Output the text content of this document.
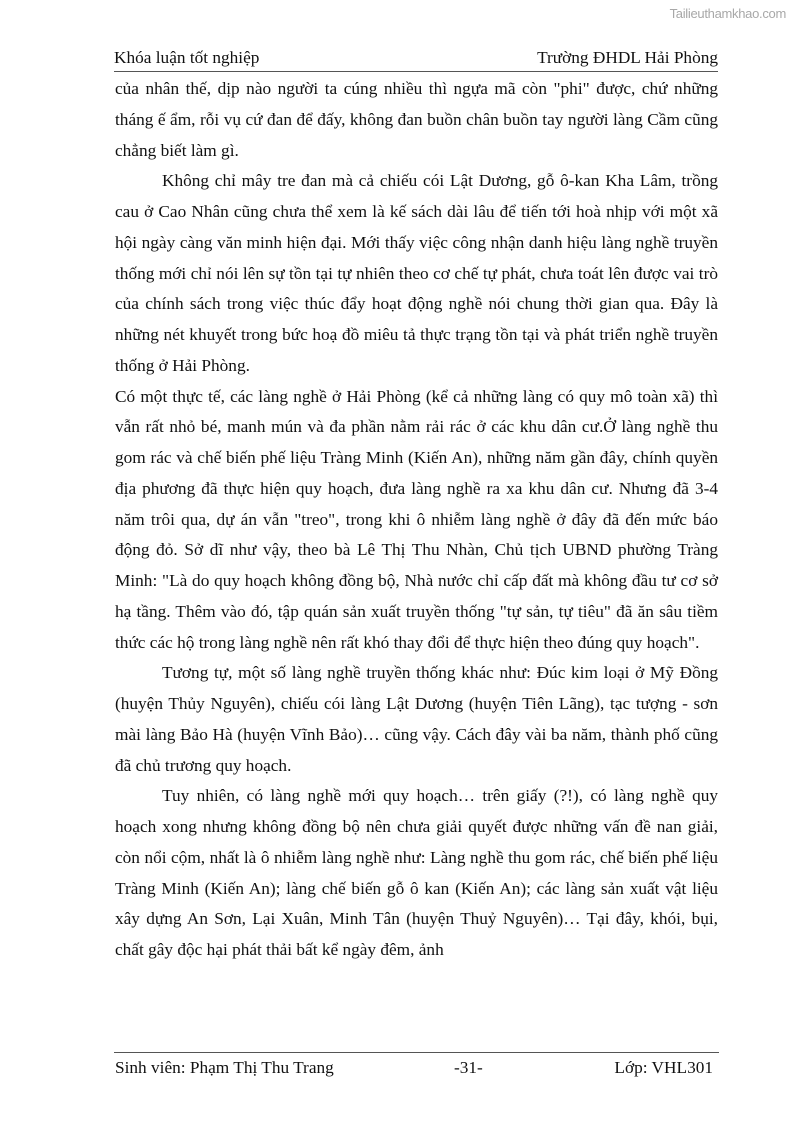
Tailieuthamkhao.com
Khóa luận tốt nghiệp	Trường ĐHDL Hải Phòng

của nhân thế, dịp nào người ta cúng nhiều thì ngựa mã còn "phi" được, chứ những tháng ế ẩm, rỗi vụ cứ đan để đấy, không đan buồn chân buồn tay người làng Cầm cũng chẳng biết làm gì.

Không chỉ mây tre đan mà cả chiếu cói Lật Dương, gỗ ô-kan Kha Lâm, trồng cau ở Cao Nhân cũng chưa thể xem là kế sách dài lâu để tiến tới hoà nhịp với một xã hội ngày càng văn minh hiện đại. Mới thấy việc công nhận danh hiệu làng nghề truyền thống mới chỉ nói lên sự tồn tại tự nhiên theo cơ chế tự phát, chưa toát lên được vai trò của chính sách trong việc thúc đẩy hoạt động nghề nói chung thời gian qua. Đây là những nét khuyết trong bức hoạ đồ miêu tả thực trạng tồn tại và phát triển nghề truyền thống ở Hải Phòng.

Có một thực tế, các làng nghề ở Hải Phòng (kể cả những làng có quy mô toàn xã) thì vẫn rất nhỏ bé, manh mún và đa phần nằm rải rác ở các khu dân cư.Ở làng nghề thu gom rác và chế biến phế liệu Tràng Minh (Kiến An), những năm gần đây, chính quyền địa phương đã thực hiện quy hoạch, đưa làng nghề ra xa khu dân cư. Nhưng đã 3-4 năm trôi qua, dự án vẫn "treo", trong khi ô nhiễm làng nghề ở đây đã đến mức báo động đỏ. Sở dĩ như vậy, theo bà Lê Thị Thu Nhàn, Chủ tịch UBND phường Tràng Minh: "Là do quy hoạch không đồng bộ, Nhà nước chỉ cấp đất mà không đầu tư cơ sở hạ tầng. Thêm vào đó, tập quán sản xuất truyền thống "tự sản, tự tiêu" đã ăn sâu tiềm thức các hộ trong làng nghề nên rất khó thay đổi để thực hiện theo đúng quy hoạch".

Tương tự, một số làng nghề truyền thống khác như: Đúc kim loại ở Mỹ Đồng (huyện Thủy Nguyên), chiếu cói làng Lật Dương (huyện Tiên Lãng), tạc tượng - sơn mài làng Bảo Hà (huyện Vĩnh Bảo)… cũng vậy. Cách đây vài ba năm, thành phố cũng đã chủ trương quy hoạch.

Tuy nhiên, có làng nghề mới quy hoạch… trên giấy (?!), có làng nghề quy hoạch xong nhưng không đồng bộ nên chưa giải quyết được những vấn đề nan giải, còn nổi cộm, nhất là ô nhiễm làng nghề như: Làng nghề thu gom rác, chế biến phế liệu Tràng Minh (Kiến An); làng chế biến gỗ ô kan (Kiến An); các làng sản xuất vật liệu xây dựng An Sơn, Lại Xuân, Minh Tân (huyện Thuỷ Nguyên)… Tại đây, khói, bụi, chất gây độc hại phát thải bất kể ngày đêm, ảnh

Sinh viên: Phạm Thị Thu Trang	-31-	Lớp: VHL301
